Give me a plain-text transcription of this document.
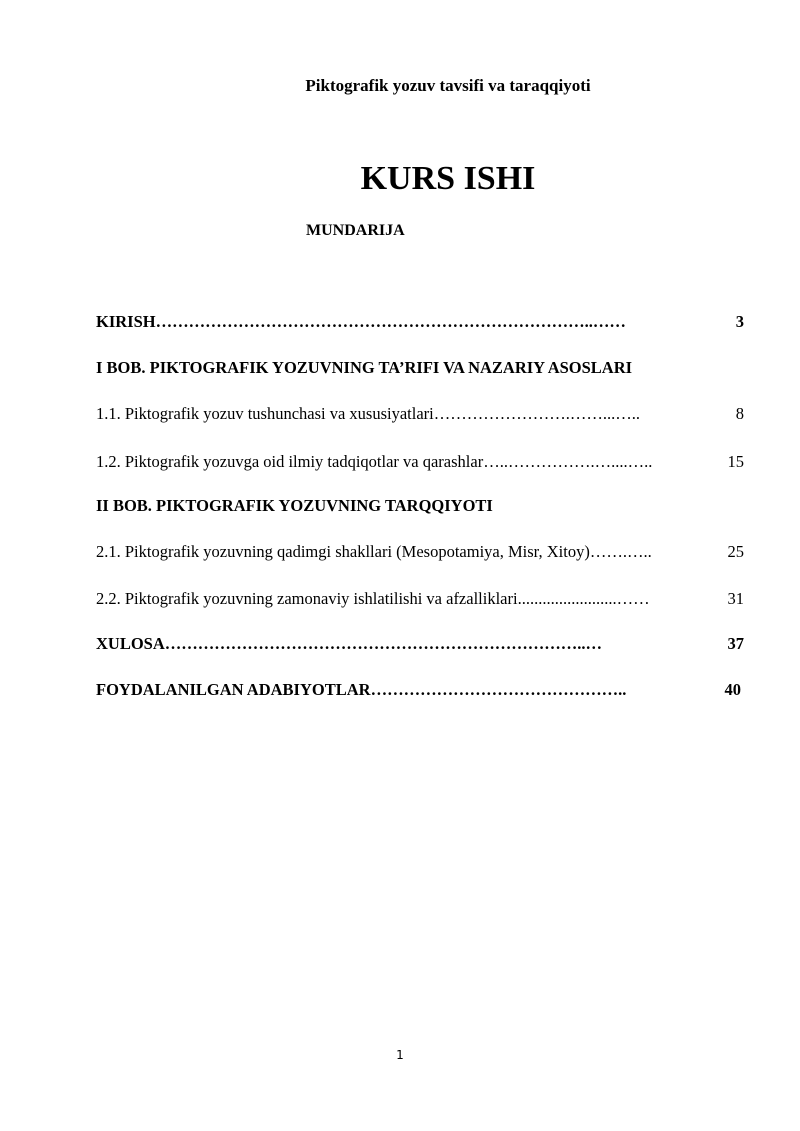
Piktografik yozuv tavsifi va taraqqiyoti
KURS ISHI
MUNDARIJA
KIRISH ……………………………………………………………………..……	3
I BOB. PIKTOGRAFIK YOZUVNING TA’RIFI VA NAZARIY ASOSLARI
1.1. Piktografik yozuv tushunchasi va xususiyatlari …………………….……...…..	8
1.2. Piktografik yozuvga oid ilmiy tadqiqotlar va qarashlar …..…………….…....…..	15
II BOB. PIKTOGRAFIK YOZUVNING TARQQIYOTI
2.1. Piktografik yozuvning qadimgi shakllari (Mesopotamiya, Misr, Xitoy) …….…..	25
2.2. Piktografik yozuvning zamonaviy ishlatilishi va afzalliklari ........................……	31
XULOSA …………………………………………………………………..…	37
FOYDALANILGAN ADABIYOTLAR ………………………………………..	40
1
